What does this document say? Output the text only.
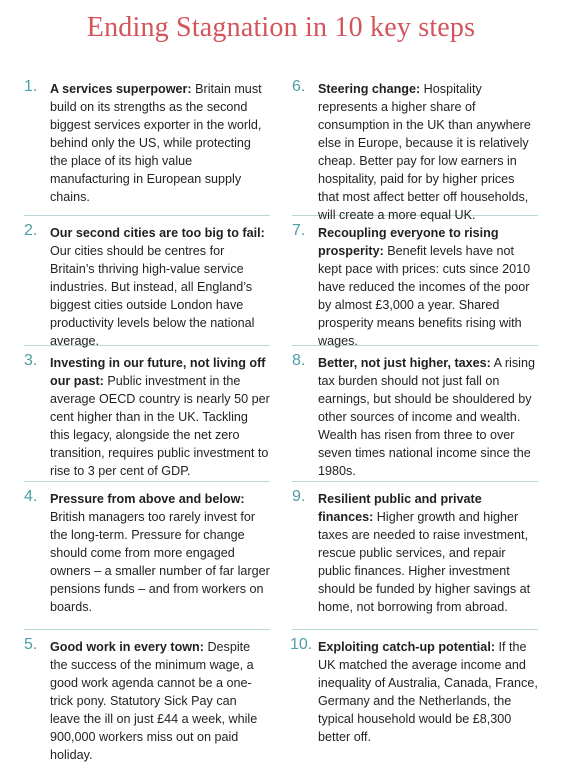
Ending Stagnation in 10 key steps
1. A services superpower: Britain must build on its strengths as the second biggest services exporter in the world, behind only the US, while protecting the place of its high value manufacturing in European supply chains.
6. Steering change: Hospitality represents a higher share of consumption in the UK than anywhere else in Europe, because it is relatively cheap. Better pay for low earners in hospitality, paid for by higher prices that most affect better off households, will create a more equal UK.
2. Our second cities are too big to fail: Our cities should be centres for Britain’s thriving high-value service industries. But instead, all England’s biggest cities outside London have productivity levels below the national average.
7. Recoupling everyone to rising prosperity: Benefit levels have not kept pace with prices: cuts since 2010 have reduced the incomes of the poor by almost £3,000 a year. Shared prosperity means benefits rising with wages.
3. Investing in our future, not living off our past: Public investment in the average OECD country is nearly 50 per cent higher than in the UK. Tackling this legacy, alongside the net zero transition, requires public investment to rise to 3 per cent of GDP.
8. Better, not just higher, taxes: A rising tax burden should not just fall on earnings, but should be shouldered by other sources of income and wealth. Wealth has risen from three to over seven times national income since the 1980s.
4. Pressure from above and below: British managers too rarely invest for the long-term. Pressure for change should come from more engaged owners – a smaller number of far larger pensions funds – and from workers on boards.
9. Resilient public and private finances: Higher growth and higher taxes are needed to raise investment, rescue public services, and repair public finances. Higher investment should be funded by higher savings at home, not borrowing from abroad.
5. Good work in every town: Despite the success of the minimum wage, a good work agenda cannot be a one-trick pony. Statutory Sick Pay can leave the ill on just £44 a week, while 900,000 workers miss out on paid holiday.
10. Exploiting catch-up potential: If the UK matched the average income and inequality of Australia, Canada, France, Germany and the Netherlands, the typical household would be £8,300 better off.
